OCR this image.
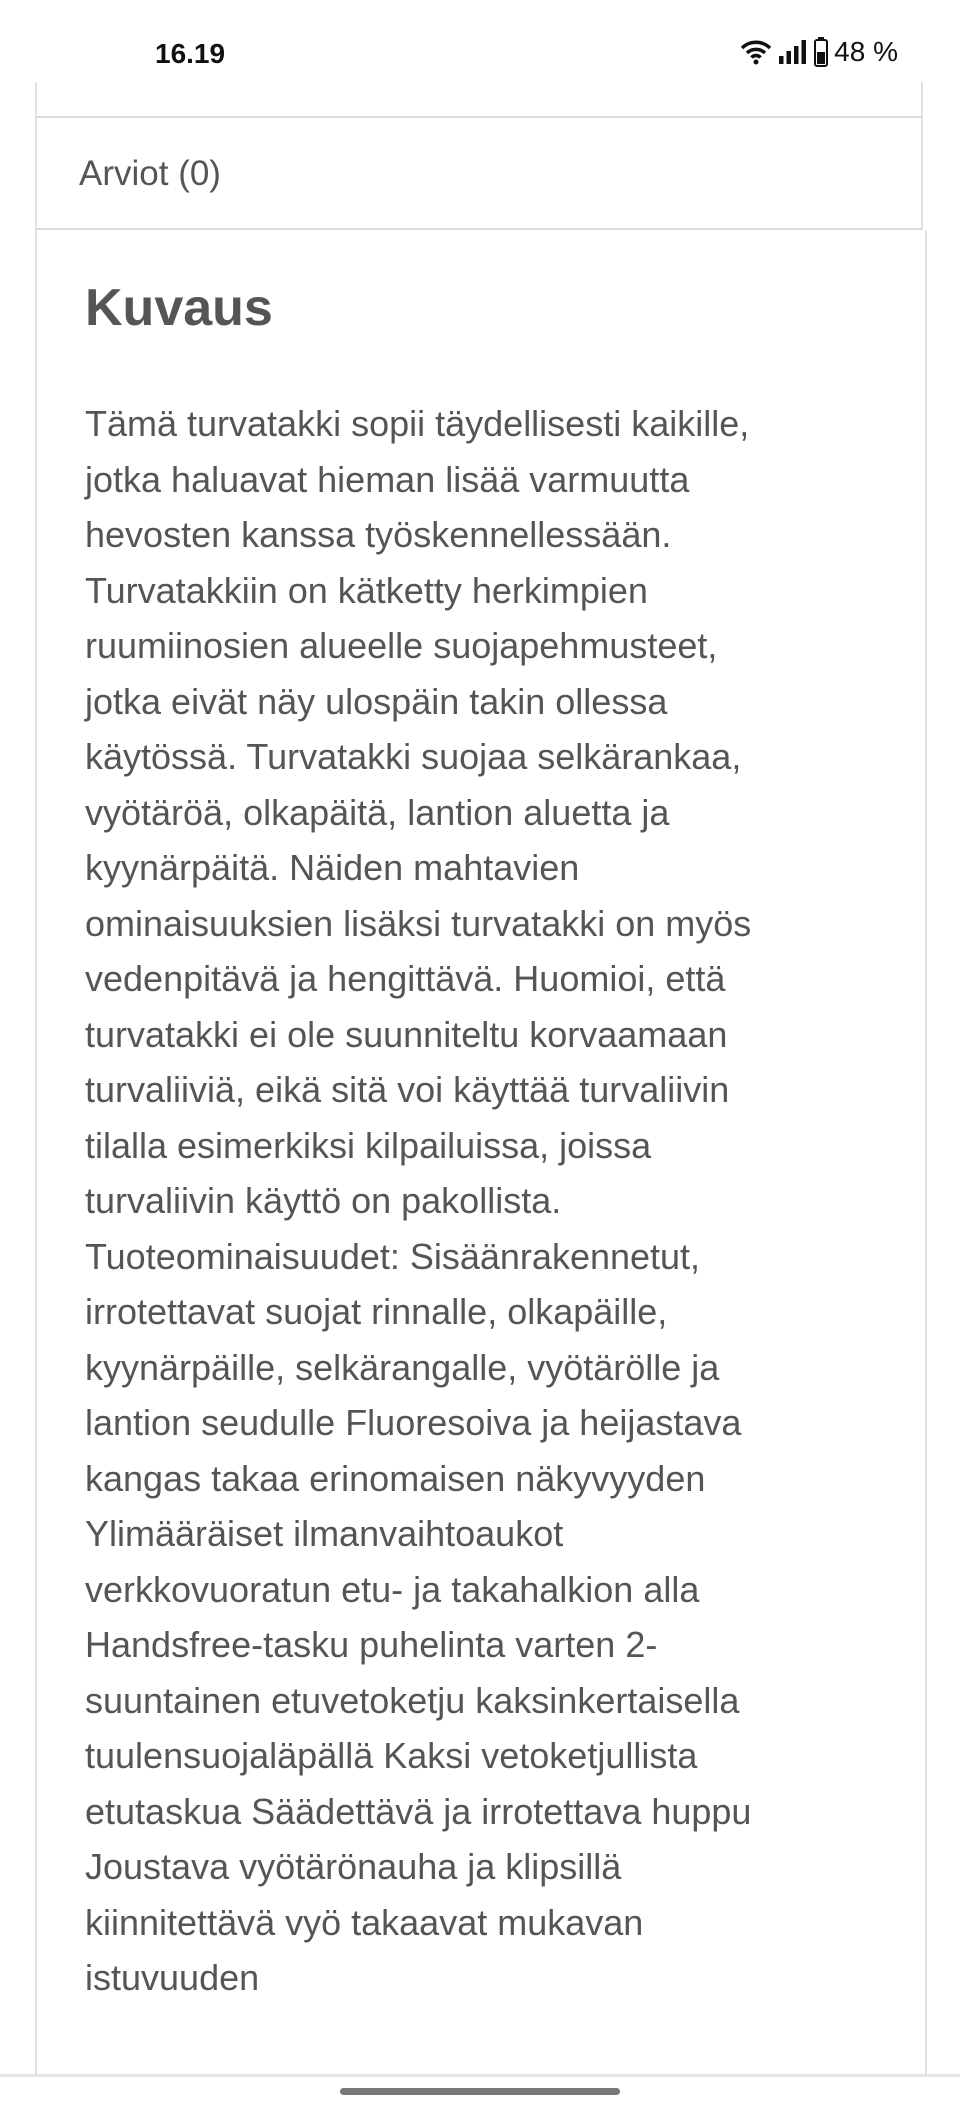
16.19	48 %
Arviot (0)
Kuvaus
Tämä turvatakki sopii täydellisesti kaikille,
jotka haluavat hieman lisää varmuutta
hevosten kanssa työskennellessään.
Turvatakkiin on kätketty herkimpien
ruumiinosien alueelle suojapehmusteet,
jotka eivät näy ulospäin takin ollessa
käytössä. Turvatakki suojaa selkärankaa,
vyötäröä, olkapäitä, lantion aluetta ja
kyynärpäitä. Näiden mahtavien
ominaisuuksien lisäksi turvatakki on myös
vedenpitävä ja hengittävä. Huomioi, että
turvatakki ei ole suunniteltu korvaamaan
turvaliiviä, eikä sitä voi käyttää turvaliivin
tilalla esimerkiksi kilpailuissa, joissa
turvaliivin käyttö on pakollista.
Tuoteominaisuudet: Sisäänrakennetut,
irrotettavat suojat rinnalle, olkapäille,
kyynärpäille, selkärangalle, vyötärölle ja
lantion seudulle Fluoresoiva ja heijastava
kangas takaa erinomaisen näkyvyyden
Ylimääräiset ilmanvaihtoaukot
verkkovuoratun etu- ja takahalkion alla
Handsfree-tasku puhelinta varten 2-
suuntainen etuvetoketju kaksinkertaisella
tuulensuojaläpällä Kaksi vetoketjullista
etutaskua Säädettävä ja irrotettava huppu
Joustava vyötärönauha ja klipsillä
kiinnitettävä vyö takaavat mukavan
istuvuuden
